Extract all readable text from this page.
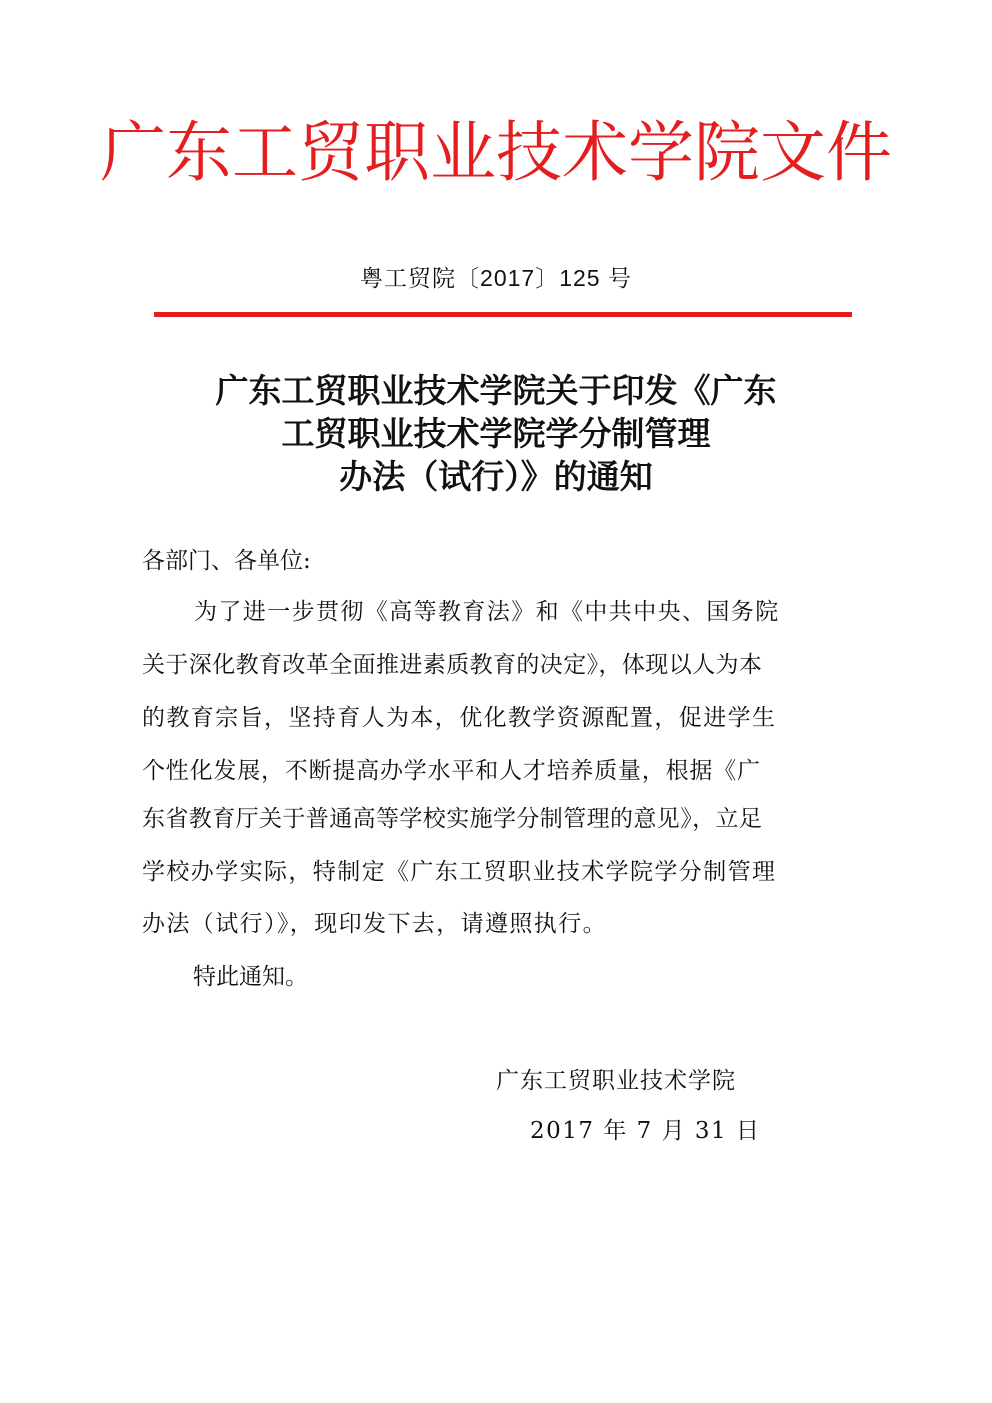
广东工贸职业技术学院文件
粤工贸院〔2017〕125 号
广东工贸职业技术学院关于印发《广东
工贸职业技术学院学分制管理
办法（试行）》的通知
各部门、各单位:
为了进一步贯彻《高等教育法》和《中共中央、国务院
关于深化教育改革全面推进素质教育的决定》，体现以人为本
的教育宗旨，坚持育人为本，优化教学资源配置，促进学生
个性化发展，不断提高办学水平和人才培养质量，根据《广
东省教育厅关于普通高等学校实施学分制管理的意见》，立足
学校办学实际，特制定《广东工贸职业技术学院学分制管理
办法（试行）》，现印发下去，请遵照执行。
特此通知。
广东工贸职业技术学院
2017 年 7 月 31 日
